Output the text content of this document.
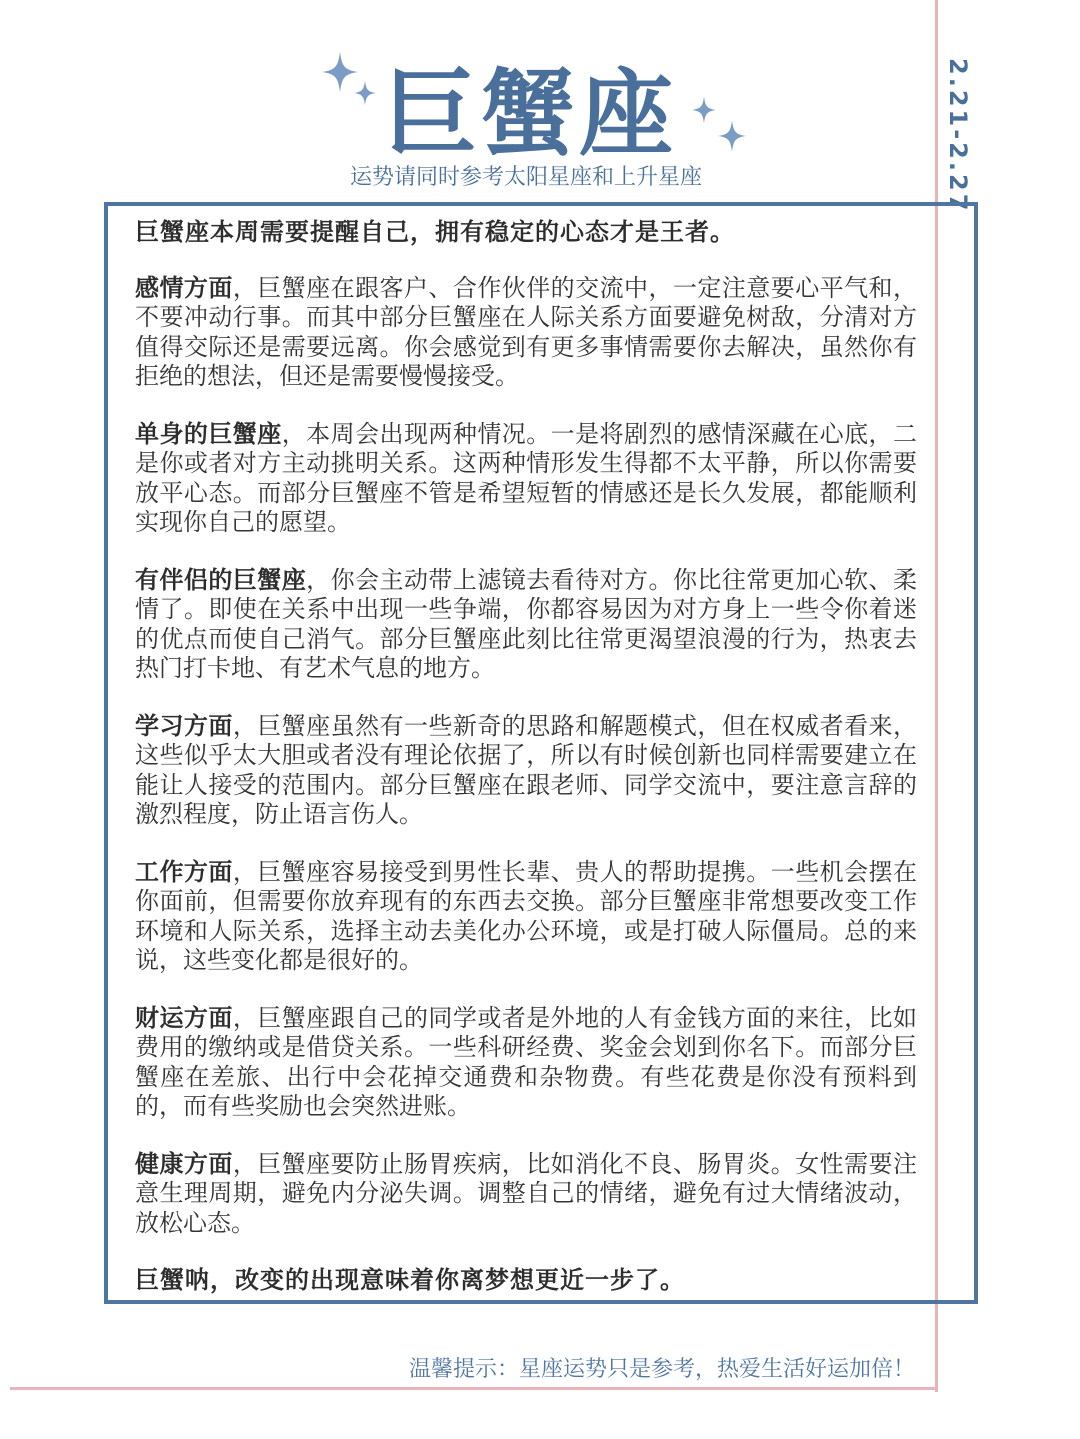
巨蟹座
运势请同时参考太阳星座和上升星座	2.21-2.27

巨蟹座本周需要提醒自己，拥有稳定的心态才是王者。

感情方面，巨蟹座在跟客户、合作伙伴的交流中，一定注意要心平气和，不要冲动行事。而其中部分巨蟹座在人际关系方面要避免树敌，分清对方值得交际还是需要远离。你会感觉到有更多事情需要你去解决，虽然你有拒绝的想法，但还是需要慢慢接受。

单身的巨蟹座，本周会出现两种情况。一是将剧烈的感情深藏在心底，二是你或者对方主动挑明关系。这两种情形发生得都不太平静，所以你需要放平心态。而部分巨蟹座不管是希望短暂的情感还是长久发展，都能顺利实现你自己的愿望。

有伴侣的巨蟹座，你会主动带上滤镜去看待对方。你比往常更加心软、柔情了。即使在关系中出现一些争端，你都容易因为对方身上一些令你着迷的优点而使自己消气。部分巨蟹座此刻比往常更渴望浪漫的行为，热衷去热门打卡地、有艺术气息的地方。

学习方面，巨蟹座虽然有一些新奇的思路和解题模式，但在权威者看来，这些似乎太大胆或者没有理论依据了，所以有时候创新也同样需要建立在能让人接受的范围内。部分巨蟹座在跟老师、同学交流中，要注意言辞的激烈程度，防止语言伤人。

工作方面，巨蟹座容易接受到男性长辈、贵人的帮助提携。一些机会摆在你面前，但需要你放弃现有的东西去交换。部分巨蟹座非常想要改变工作环境和人际关系，选择主动去美化办公环境，或是打破人际僵局。总的来说，这些变化都是很好的。

财运方面，巨蟹座跟自己的同学或者是外地的人有金钱方面的来往，比如费用的缴纳或是借贷关系。一些科研经费、奖金会划到你名下。而部分巨蟹座在差旅、出行中会花掉交通费和杂物费。有些花费是你没有预料到的，而有些奖励也会突然进账。

健康方面，巨蟹座要防止肠胃疾病，比如消化不良、肠胃炎。女性需要注意生理周期，避免内分泌失调。调整自己的情绪，避免有过大情绪波动，放松心态。

巨蟹呐，改变的出现意味着你离梦想更近一步了。

温馨提示：星座运势只是参考，热爱生活好运加倍！
